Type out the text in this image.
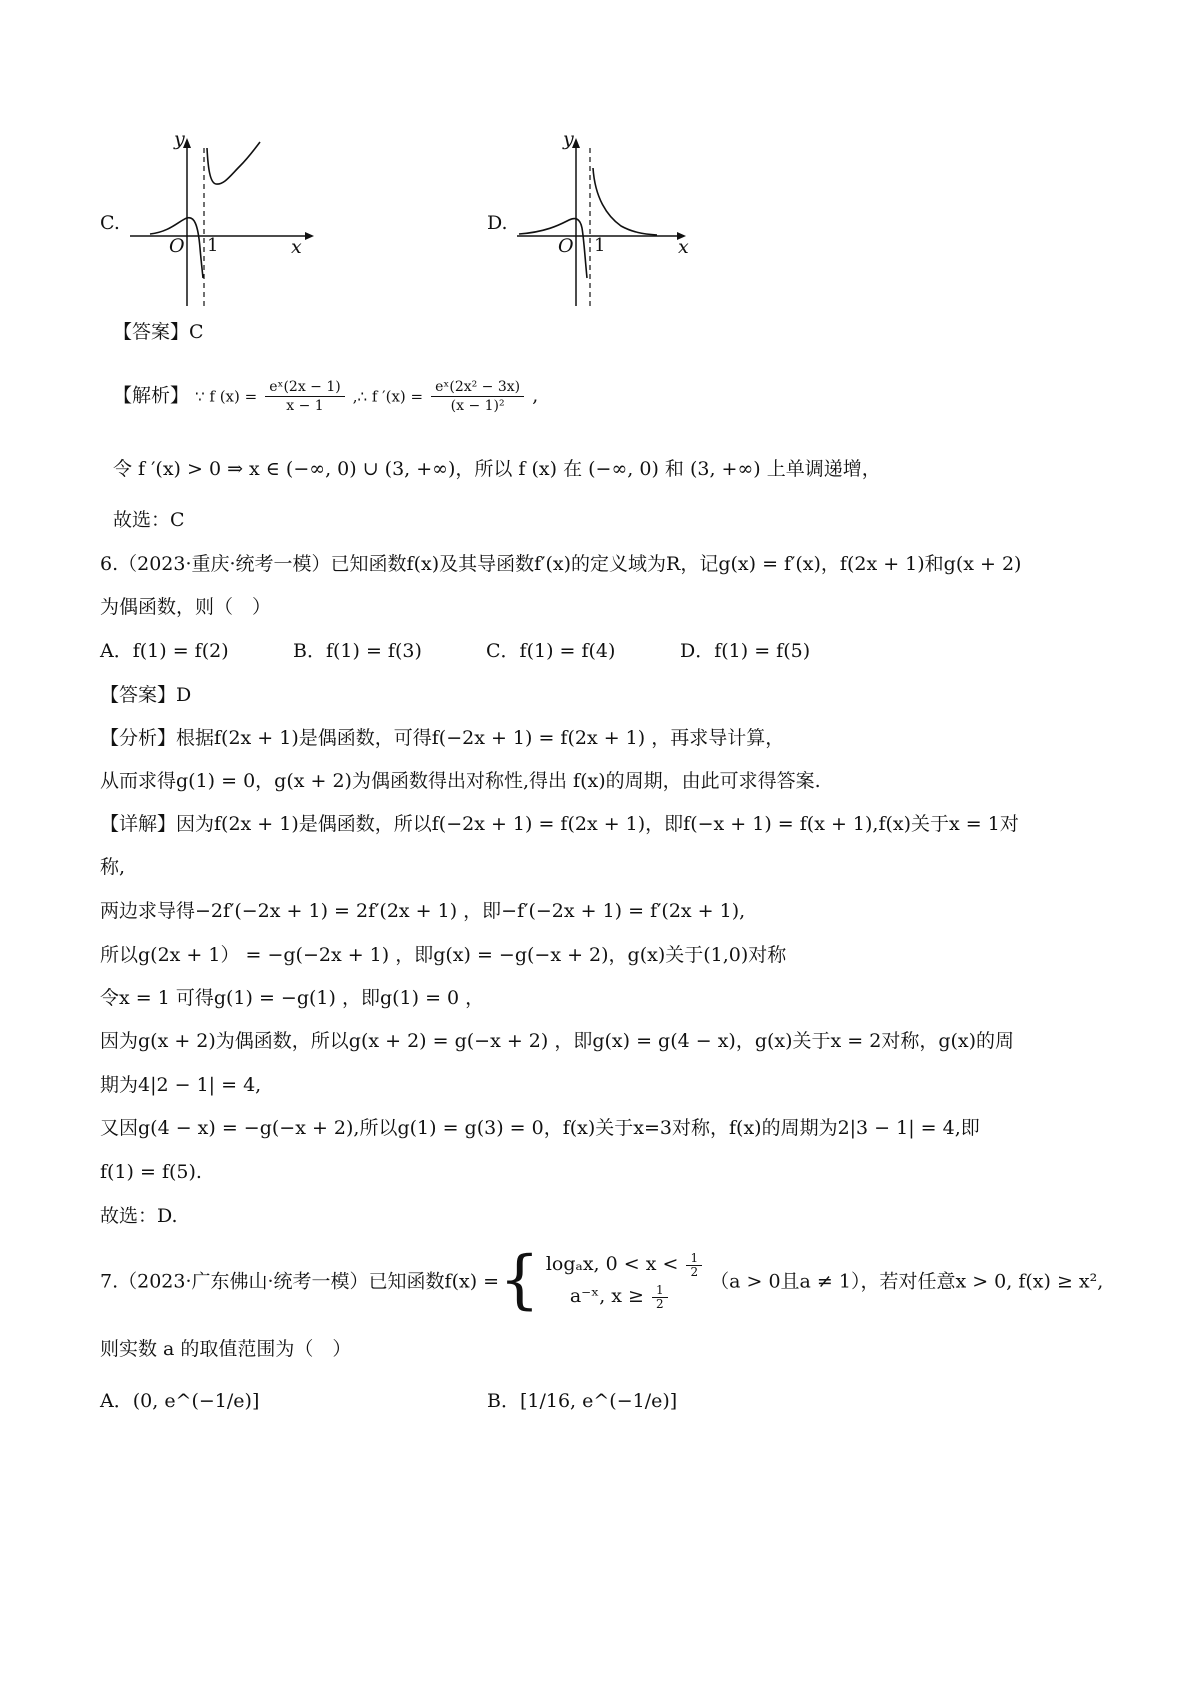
C.
y
x
O 1
D.
y
x
O 1
【答案】C
【解析】 ∵ f $(x) = \frac{\text{eˣ(2x − 1)}}{x - 1}$ ,∴ f $'(x) = \frac{\text{eˣ(2x² − 3x)}}{\text{(x − 1)²}}$ ,
令 f ′(x) > 0 ⇒ x ∈ (−∞, 0) ∪ (3, +∞)，所以 f (x) 在 (−∞, 0) 和 (3, +∞) 上单调递增，
故选：C
6.（2023·重庆·统考一模）已知函数f(x)及其导函数f′(x)的定义域为R，记g(x) = f′(x)，f(2x + 1)和g(x + 2)
为偶函数，则（　）
A．f(1) = f(2)	B．f(1) = f(3)	C．f(1) = f(4)	D．f(1) = f(5)
【答案】D
【分析】根据f(2x + 1)是偶函数，可得f(−2x + 1) = f(2x + 1) ，再求导计算，
从而求得g(1) = 0，g(x + 2)为偶函数得出对称性,得出 f(x)的周期，由此可求得答案.
【详解】因为f(2x + 1)是偶函数，所以f(−2x + 1) = f(2x + 1)，即f(−x + 1) = f(x + 1),f(x)关于x = 1对
称,
两边求导得−2f′(−2x + 1) = 2f′(2x + 1) ，即−f′(−2x + 1) = f′(2x + 1),
所以g(2x + 1） = −g(−2x + 1) ，即g(x) = −g(−x + 2)，g(x)关于(1,0)对称
令x = 1 可得g(1) = −g(1) ，即g(1) = 0 ，
因为g(x + 2)为偶函数，所以g(x + 2) = g(−x + 2) ，即g(x) = g(4 − x)，g(x)关于x = 2对称，g(x)的周
期为4|2 − 1| = 4,
又因g(4 − x) = −g(−x + 2),所以g(1) = g(3) = 0，f(x)关于x=3对称，f(x)的周期为2|3 − 1| = 4,即
f(1) = f(5).
故选：D.
7.（2023·广东佛山·统考一模）已知函数f(x) ={ logₐx, $0 < x < \frac{1}{2}$
a⁻ˣ, $x \ge \frac{1}{2}$
（a > 0且a ≠ 1），若对任意x > 0, f(x) ≥ x²,
则实数 a 的取值范围为（　）
A．(0, e^(−1/e)]	B．[1/16, e^(−1/e)]
